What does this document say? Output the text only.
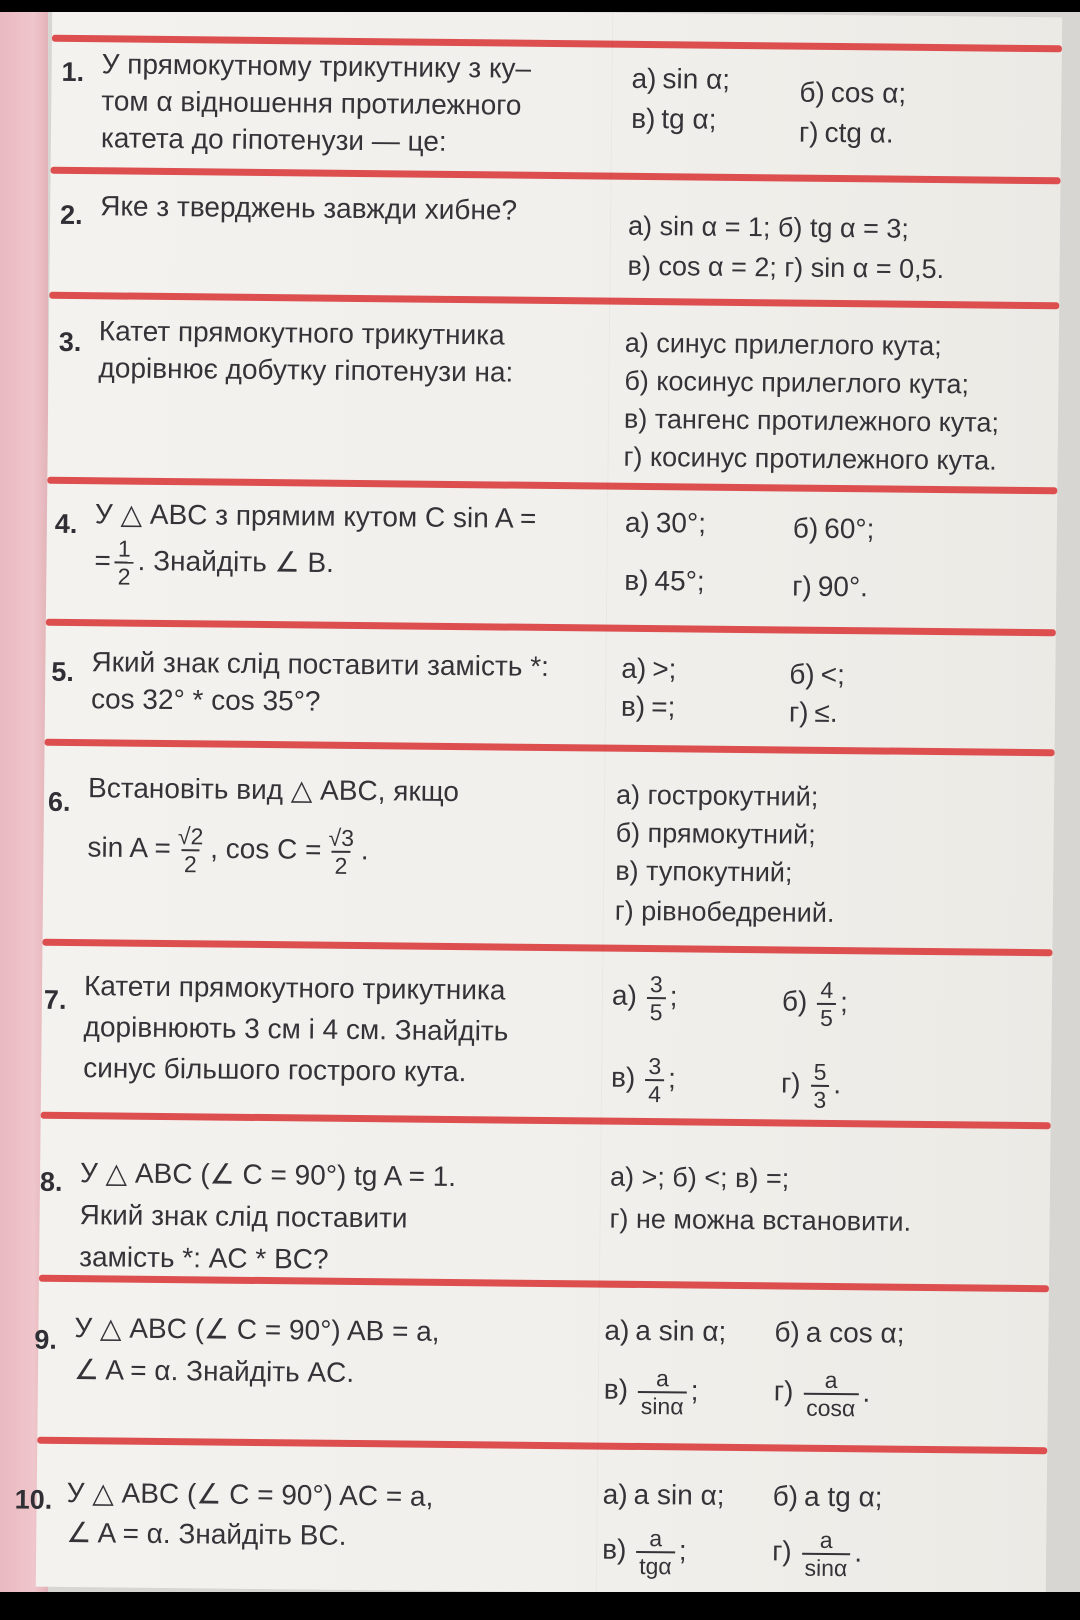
1. У прямокутному трикутнику з ку–
том α відношення протилежного
катета до гіпотенузи — це:
а) sin α; б) cos α;
в) tg α;	г) ctg α.
2. Яке з тверджень завжди хибне?
а) sin α = 1; б) tg α = 3;
в) cos α = 2; г) sin α = 0,5.
3. Катет прямокутного трикутника
дорівнює добутку гіпотенузи на:
а) синус прилеглого кута;
б) косинус прилеглого кута;
в) тангенс протилежного кута;
г) косинус протилежного кута.
4. У △ ABC з прямим кутом C sin A =
= $\frac{1}{2}$ . Знайдіть ∠ B.
а) 30°;	б) 60°;
в) 45°;	г) 90°.
5. Який знак слід поставити замість *:
cos 32° * cos 35°?
а) >;	б) <;
в) =;	г) ≤.
6. Встановіть вид △ ABC, якщо
$\sin A = \frac{√2}{2}$ , $\cos C = \frac{√3}{2}$ .
а) гострокутний;
б) прямокутний;
в) тупокутний;
г) рівнобедрений.
7. Катети прямокутного трикутника
дорівнюють 3 см і 4 см. Знайдіть
синус більшого гострого кута.
$а) \frac{3}{5}$ ;	$б) \frac{4}{5}$ ;
$в) \frac{3}{4}$ ;	$г) \frac{5}{3}$ .
8. У △ ABC (∠ C = 90°) tg A = 1.
Який знак слід поставити
замість *: AC * BC?
а) >; б) <; в) =;
г) не можна встановити.
9. У △ ABC (∠ C = 90°) AB = a,
∠ A = α. Знайдіть AC.
а) a sin α; б) a cos α;
$в) \frac{a}{\sin\alpha}$ ;	$г) \frac{a}{\cos\alpha}$ .
10. У △ ABC (∠ C = 90°) AC = a,
∠ A = α. Знайдіть BC.
а) a sin α; б) a tg α;
$в) \frac{a}{\text{tgα}}$ ;	$г) \frac{a}{\sin\alpha}$ .
